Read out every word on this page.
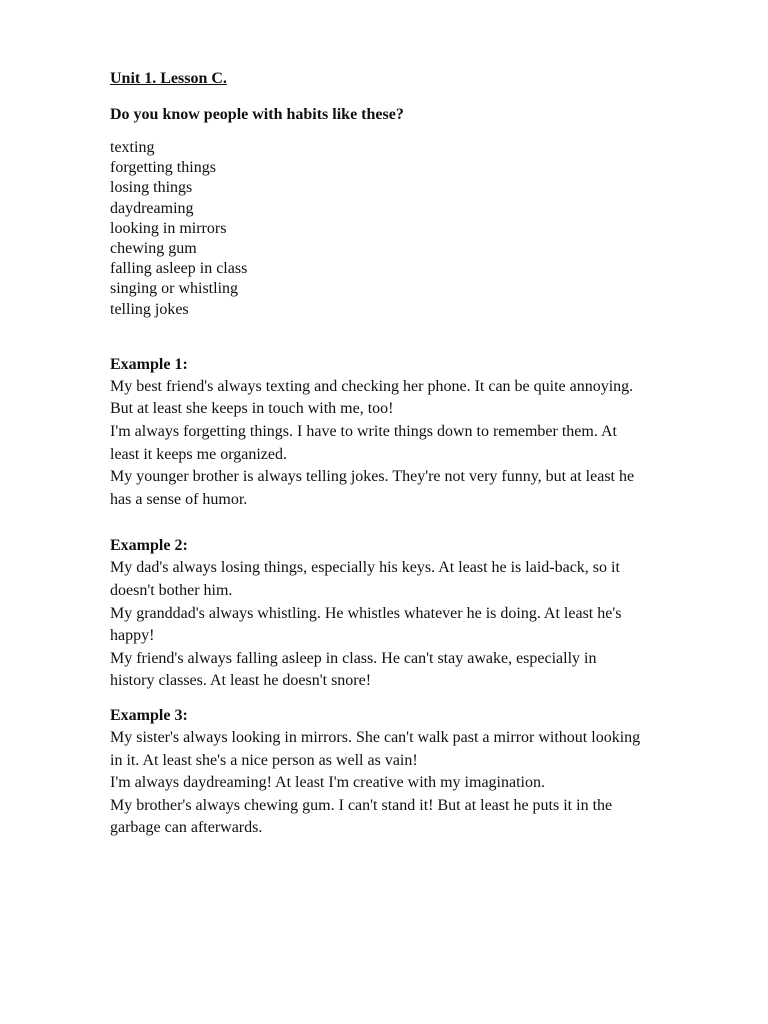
Unit 1. Lesson C.

Do you know people with habits like these?

texting
forgetting things
losing things
daydreaming
looking in mirrors
chewing gum
falling asleep in class
singing or whistling
telling jokes

Example 1:

My best friend's always texting and checking her phone. It can be quite annoying.

But at least she keeps in touch with me, too!

I'm always forgetting things. I have to write things down to remember them. At

least it keeps me organized.

My younger brother is always telling jokes. They're not very funny, but at least he

has a sense of humor.

Example 2:

My dad's always losing things, especially his keys. At least he is laid-back, so it

doesn't bother him.

My granddad's always whistling. He whistles whatever he is doing. At least he's

happy!

My friend's always falling asleep in class. He can't stay awake, especially in

history classes. At least he doesn't snore!

Example 3:

My sister's always looking in mirrors. She can't walk past a mirror without looking

in it. At least she's a nice person as well as vain!

I'm always daydreaming! At least I'm creative with my imagination.

My brother's always chewing gum. I can't stand it! But at least he puts it in the

garbage can afterwards.
